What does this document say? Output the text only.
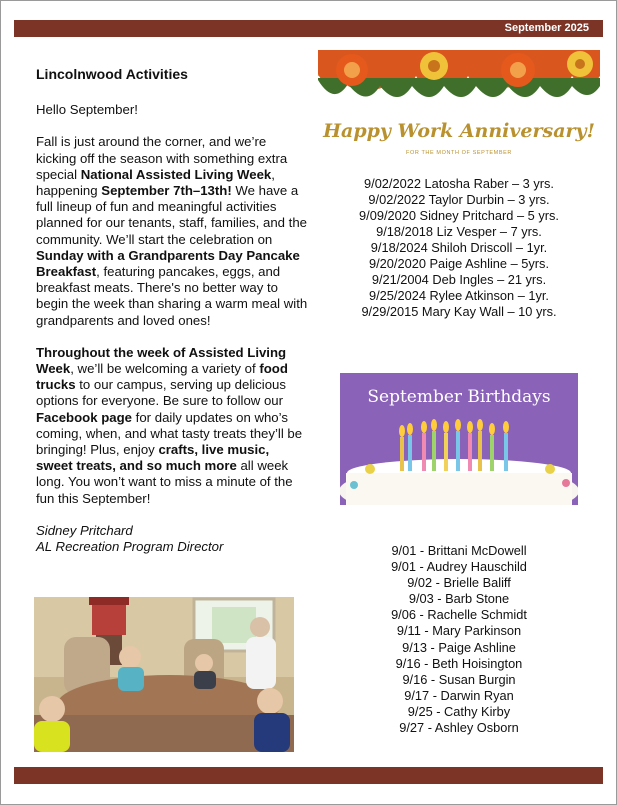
September 2025
Lincolnwood Activities

Hello September!

Fall is just around the corner, and we’re kicking off the season with something extra special National Assisted Living Week, happening September 7th–13th! We have a full lineup of fun and meaningful activities planned for our tenants, staff, families, and the community. We’ll start the celebration on Sunday with a Grandparents Day Pancake Breakfast, featuring pancakes, eggs, and breakfast meats. There's no better way to begin the week than sharing a warm meal with grandparents and loved ones!

Throughout the week of Assisted Living Week, we’ll be welcoming a variety of food trucks to our campus, serving up delicious options for everyone. Be sure to follow our Facebook page for daily updates on who’s coming, when, and what tasty treats they’ll be bringing! Plus, enjoy crafts, live music, sweet treats, and so much more all week long. You won’t want to miss a minute of the fun this September!

Sidney Pritchard
AL Recreation Program Director
Happy Work Anniversary!
FOR THE MONTH OF SEPTEMBER
9/02/2022 Latosha Raber – 3 yrs.
9/02/2022 Taylor Durbin – 3 yrs.
9/09/2020 Sidney Pritchard – 5 yrs.
9/18/2018 Liz Vesper – 7 yrs.
9/18/2024 Shiloh Driscoll – 1yr.
9/20/2020 Paige Ashline – 5yrs.
9/21/2004 Deb Ingles – 21 yrs.
9/25/2024 Rylee Atkinson – 1yr.
9/29/2015 Mary Kay Wall – 10 yrs.
September Birthdays
9/01 - Brittani McDowell
9/01 - Audrey Hauschild
9/02 - Brielle Baliff
9/03 - Barb Stone
9/06 - Rachelle Schmidt
9/11 - Mary Parkinson
9/13 - Paige Ashline
9/16 - Beth Hoisington
9/16 - Susan Burgin
9/17 - Darwin Ryan
9/25 - Cathy Kirby
9/27 - Ashley Osborn
